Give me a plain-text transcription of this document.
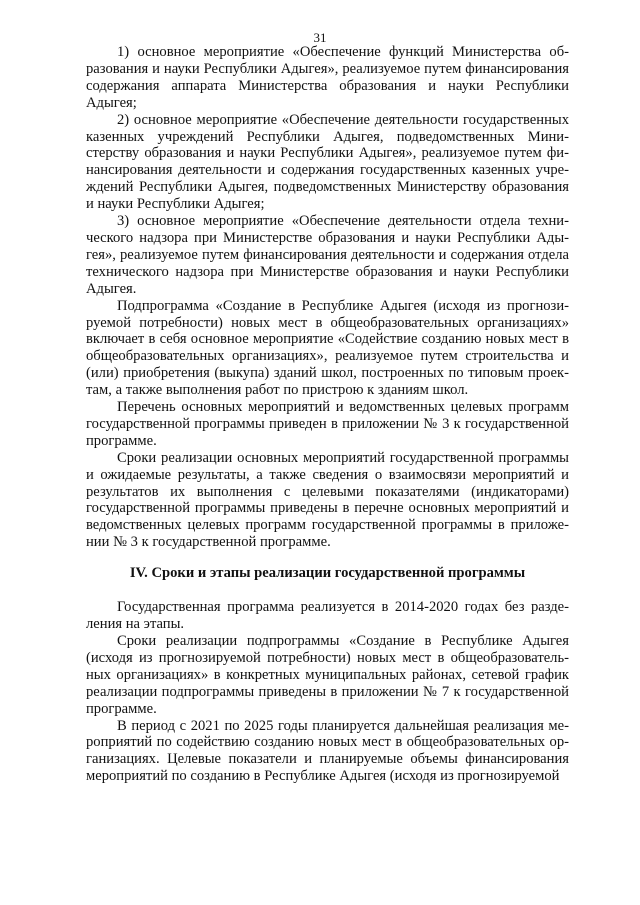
31

1) основное мероприятие «Обеспечение функций Министерства образования и науки Республики Адыгея», реализуемое путем финансирования содержания аппарата Министерства образования и науки Республики Адыгея;

2) основное мероприятие «Обеспечение деятельности государственных казенных учреждений Республики Адыгея, подведомственных Министерству образования и науки Республики Адыгея», реализуемое путем финансирования деятельности и содержания государственных казенных учреждений Республики Адыгея, подведомственных Министерству образования и науки Республики Адыгея;

3) основное мероприятие «Обеспечение деятельности отдела технического надзора при Министерстве образования и науки Республики Адыгея», реализуемое путем финансирования деятельности и содержания отдела технического надзора при Министерстве образования и науки Республики Адыгея.

Подпрограмма «Создание в Республике Адыгея (исходя из прогнозируемой потребности) новых мест в общеобразовательных организациях» включает в себя основное мероприятие «Содействие созданию новых мест в общеобразовательных организациях», реализуемое путем строительства и (или) приобретения (выкупа) зданий школ, построенных по типовым проектам, а также выполнения работ по пристрою к зданиям школ.

Перечень основных мероприятий и ведомственных целевых программ государственной программы приведен в приложении № 3 к государственной программе.

Сроки реализации основных мероприятий государственной программы и ожидаемые результаты, а также сведения о взаимосвязи мероприятий и результатов их выполнения с целевыми показателями (индикаторами) государственной программы приведены в перечне основных мероприятий и ведомственных целевых программ государственной программы в приложении № 3 к государственной программе.

IV. Сроки и этапы реализации государственной программы

Государственная программа реализуется в 2014-2020 годах без разделения на этапы.

Сроки реализации подпрограммы «Создание в Республике Адыгея (исходя из прогнозируемой потребности) новых мест в общеобразовательных организациях» в конкретных муниципальных районах, сетевой график реализации подпрограммы приведены в приложении № 7 к государственной программе.

В период с 2021 по 2025 годы планируется дальнейшая реализация мероприятий по содействию созданию новых мест в общеобразовательных организациях. Целевые показатели и планируемые объемы финансирования мероприятий по созданию в Республике Адыгея (исходя из прогнозируемой
